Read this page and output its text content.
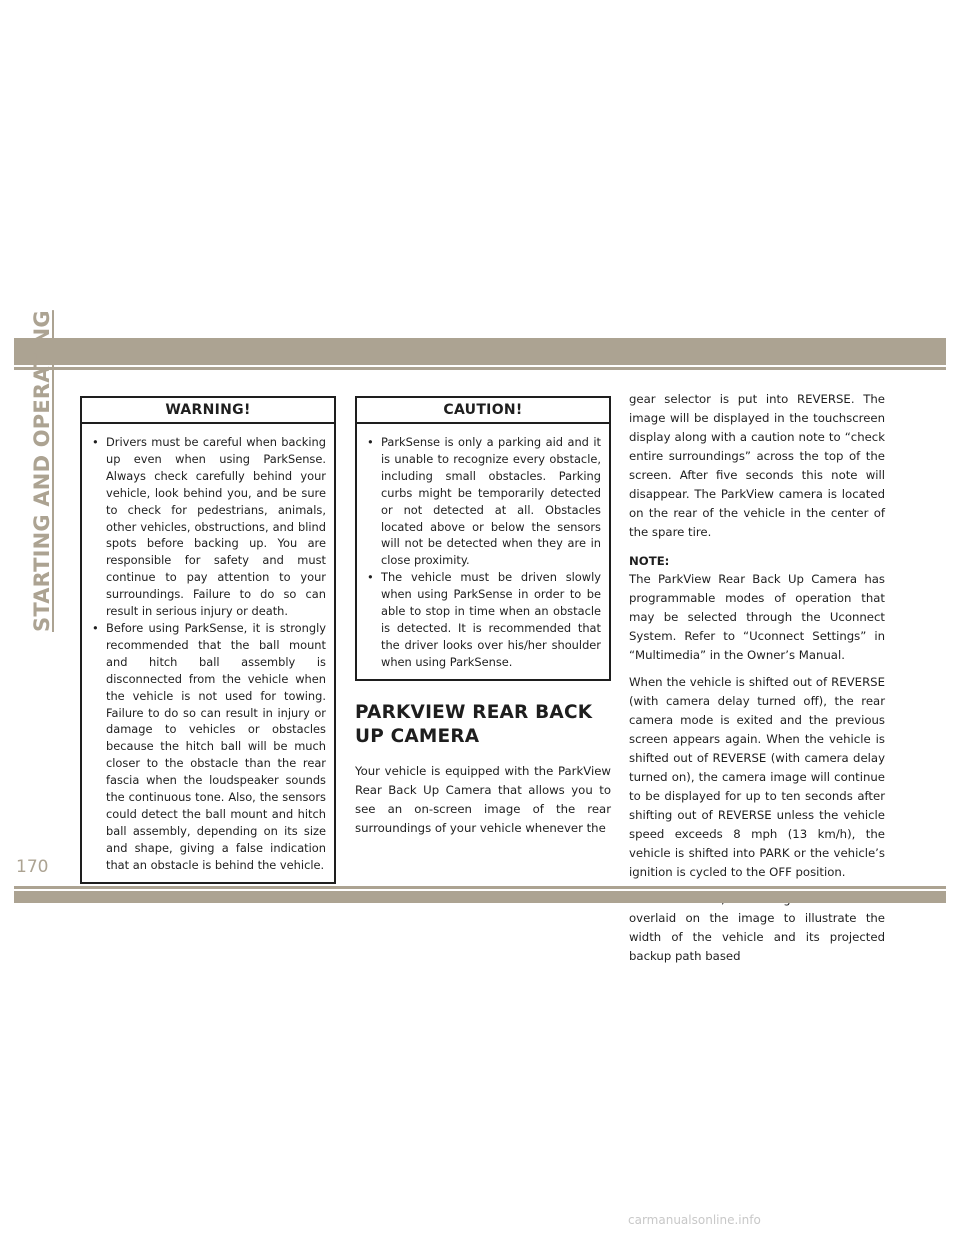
STARTING AND OPERATING	WARNING!
• Drivers must be careful when backing up even when using ParkSense. Always check carefully behind your vehicle, look behind you, and be sure to check for pedestrians, animals, other vehicles, obstructions, and blind spots before backing up. You are responsible for safety and must continue to pay attention to your surroundings. Failure to do so can result in serious injury or death.
• Before using ParkSense, it is strongly recommended that the ball mount and hitch ball assembly is disconnected from the vehicle when the vehicle is not used for towing. Failure to do so can result in injury or damage to vehicles or obstacles because the hitch ball will be much closer to the obstacle than the rear fascia when the loudspeaker sounds the continuous tone. Also, the sensors could detect the ball mount and hitch ball assembly, depending on its size and shape, giving a false indication that an obstacle is behind the vehicle.
CAUTION!
• ParkSense is only a parking aid and it is unable to recognize every obstacle, including small obstacles. Parking curbs might be temporarily detected or not detected at all. Obstacles located above or below the sensors will not be detected when they are in close proximity.
• The vehicle must be driven slowly when using ParkSense in order to be able to stop in time when an obstacle is detected. It is recommended that the driver looks over his/her shoulder when using ParkSense.
PARKVIEW REAR BACK UP CAMERA

Your vehicle is equipped with the ParkView Rear Back Up Camera that allows you to see an on-screen image of the rear surroundings of your vehicle whenever the

gear selector is put into REVERSE. The image will be displayed in the touchscreen display along with a caution note to “check entire surroundings” across the top of the screen. After five seconds this note will disappear. The ParkView camera is located on the rear of the vehicle in the center of the spare tire.

NOTE:

The ParkView Rear Back Up Camera has programmable modes of operation that may be selected through the Uconnect System. Refer to “Uconnect Settings” in “Multimedia” in the Owner’s Manual.

When the vehicle is shifted out of REVERSE (with camera delay turned off), the rear camera mode is exited and the previous screen appears again. When the vehicle is shifted out of REVERSE (with camera delay turned on), the camera image will continue to be displayed for up to ten seconds after shifting out of REVERSE unless the vehicle speed exceeds 8 mph (13 km/h), the vehicle is shifted into PARK or the vehicle’s ignition is cycled to the OFF position.

overlaid on the image to illustrate the width of the vehicle and its projected backup path based

170
carmanualsonline.info
